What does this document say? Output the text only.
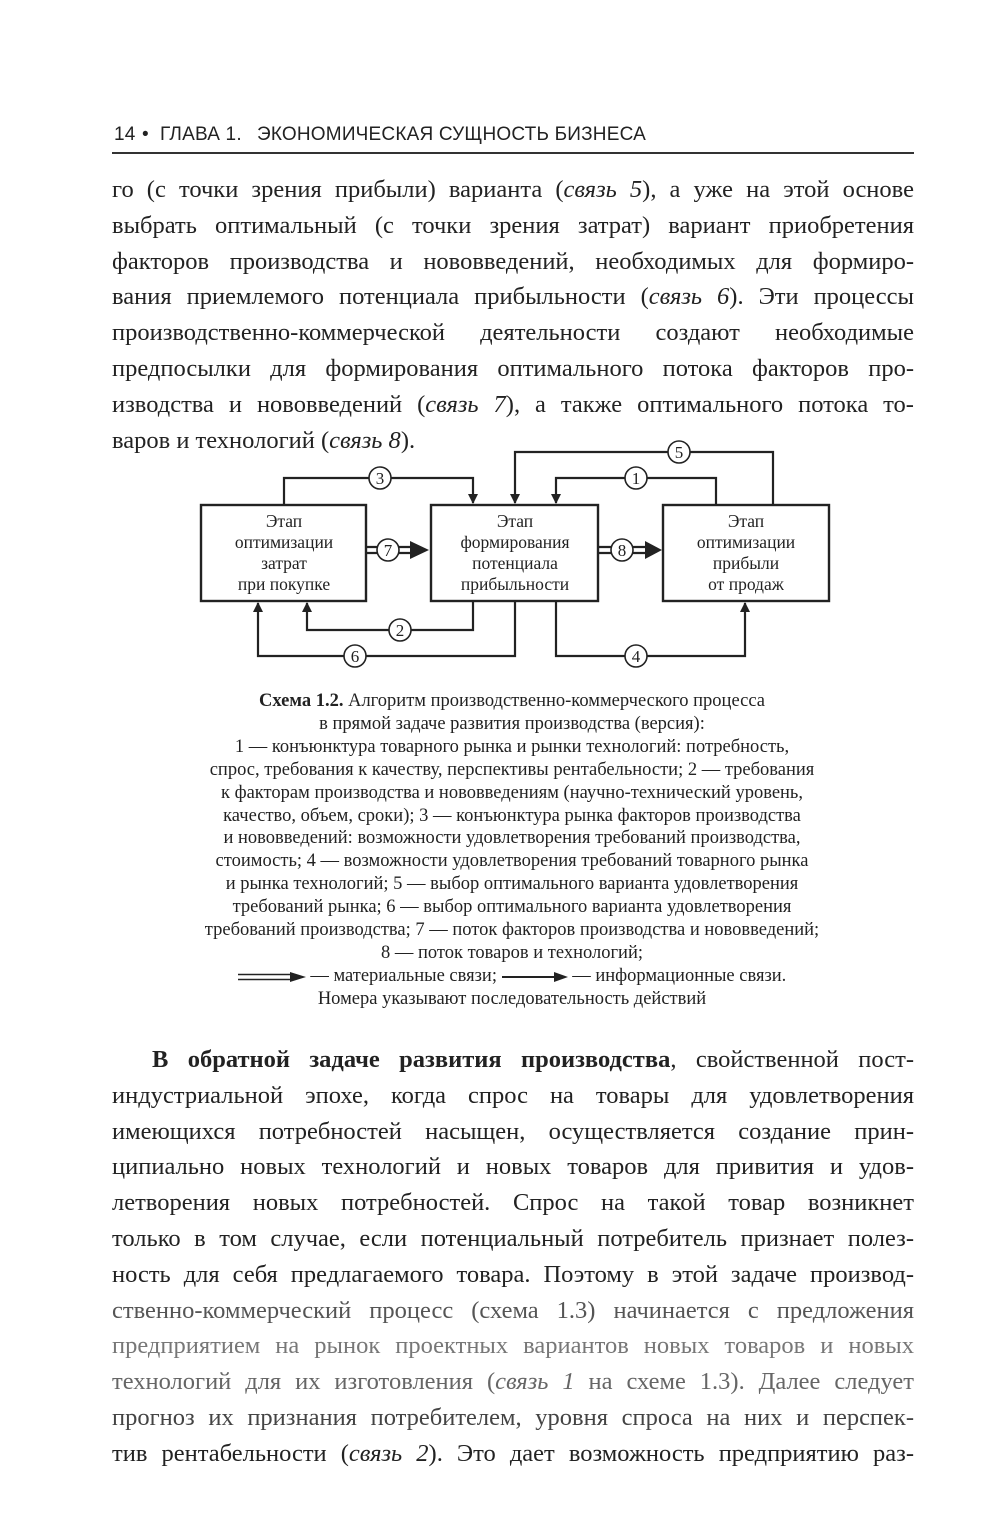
14 • ГЛАВА 1. ЭКОНОМИЧЕСКАЯ СУЩНОСТЬ БИЗНЕСА
го (с точки зрения прибыли) варианта (связь 5), а уже на этой основе
выбрать оптимальный (с точки зрения затрат) вариант приобретения
факторов производства и нововведений, необходимых для формиро-
вания приемлемого потенциала прибыльности (связь 6). Эти процессы
производственно-коммерческой деятельности создают необходимые
предпосылки для формирования оптимального потока факторов про-
изводства и нововведений (связь 7), а также оптимального потока то-
варов и технологий (связь 8).
1
2
3
4
5
6
7	8
Этап
оптимизации
затрат
при покупке
Этап
формирования
потенциала
прибыльности
Этап
оптимизации
прибыли
от продаж
Схема 1.2. Алгоритм производственно-коммерческого процесса
в прямой задаче развития производства (версия):
1 — конъюнктура товарного рынка и рынки технологий: потребность,
спрос, требования к качеству, перспективы рентабельности; 2 — требования
к факторам производства и нововведениям (научно-технический уровень,
качество, объем, сроки); 3 — конъюнктура рынка факторов производства
и нововведений: возможности удовлетворения требований производства,
стоимость; 4 — возможности удовлетворения требований товарного рынка
и рынка технологий; 5 — выбор оптимального варианта удовлетворения
требований рынка; 6 — выбор оптимального варианта удовлетворения
требований производства; 7 — поток факторов производства и нововведений;
8 — поток товаров и технологий;
— материальные связи;	— информационные связи.
Номера указывают последовательность действий
В обратной задаче развития производства, свойственной пост-
индустриальной эпохе, когда спрос на товары для удовлетворения
имеющихся потребностей насыщен, осуществляется создание прин-
ципиально новых технологий и новых товаров для привития и удов-
летворения новых потребностей. Спрос на такой товар возникнет
только в том случае, если потенциальный потребитель признает полез-
ность для себя предлагаемого товара. Поэтому в этой задаче производ-
ственно-коммерческий процесс (схема 1.3) начинается с предложения
предприятием на рынок проектных вариантов новых товаров и новых
технологий для их изготовления (связь 1 на схеме 1.3). Далее следует
прогноз их признания потребителем, уровня спроса на них и перспек-
тив рентабельности (связь 2). Это дает возможность предприятию раз-
